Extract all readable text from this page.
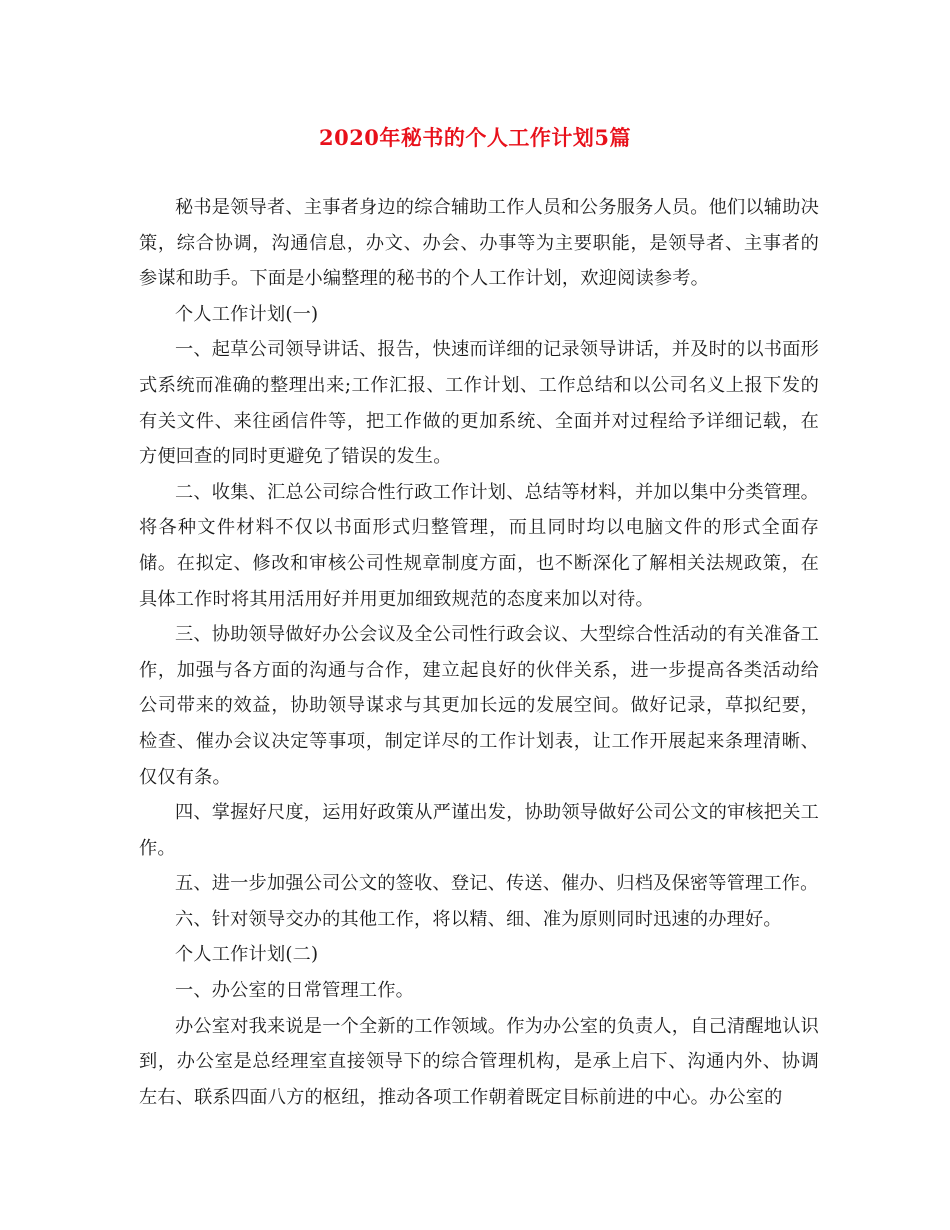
2020年秘书的个人工作计划5篇

秘书是领导者、主事者身边的综合辅助工作人员和公务服务人员。他们以辅助决策，综合协调，沟通信息，办文、办会、办事等为主要职能，是领导者、主事者的参谋和助手。下面是小编整理的秘书的个人工作计划，欢迎阅读参考。

个人工作计划(一)

一、起草公司领导讲话、报告，快速而详细的记录领导讲话，并及时的以书面形式系统而准确的整理出来;工作汇报、工作计划、工作总结和以公司名义上报下发的有关文件、来往函信件等，把工作做的更加系统、全面并对过程给予详细记载，在方便回查的同时更避免了错误的发生。

二、收集、汇总公司综合性行政工作计划、总结等材料，并加以集中分类管理。将各种文件材料不仅以书面形式归整管理，而且同时均以电脑文件的形式全面存储。在拟定、修改和审核公司性规章制度方面，也不断深化了解相关法规政策，在具体工作时将其用活用好并用更加细致规范的态度来加以对待。

三、协助领导做好办公会议及全公司性行政会议、大型综合性活动的有关准备工作，加强与各方面的沟通与合作，建立起良好的伙伴关系，进一步提高各类活动给公司带来的效益，协助领导谋求与其更加长远的发展空间。做好记录，草拟纪要，检查、催办会议决定等事项，制定详尽的工作计划表，让工作开展起来条理清晰、仅仅有条。

四、掌握好尺度，运用好政策从严谨出发，协助领导做好公司公文的审核把关工作。

五、进一步加强公司公文的签收、登记、传送、催办、归档及保密等管理工作。

六、针对领导交办的其他工作，将以精、细、准为原则同时迅速的办理好。

个人工作计划(二)

一、办公室的日常管理工作。

办公室对我来说是一个全新的工作领域。作为办公室的负责人，自己清醒地认识到，办公室是总经理室直接领导下的综合管理机构，是承上启下、沟通内外、协调左右、联系四面八方的枢纽，推动各项工作朝着既定目标前进的中心。办公室的
